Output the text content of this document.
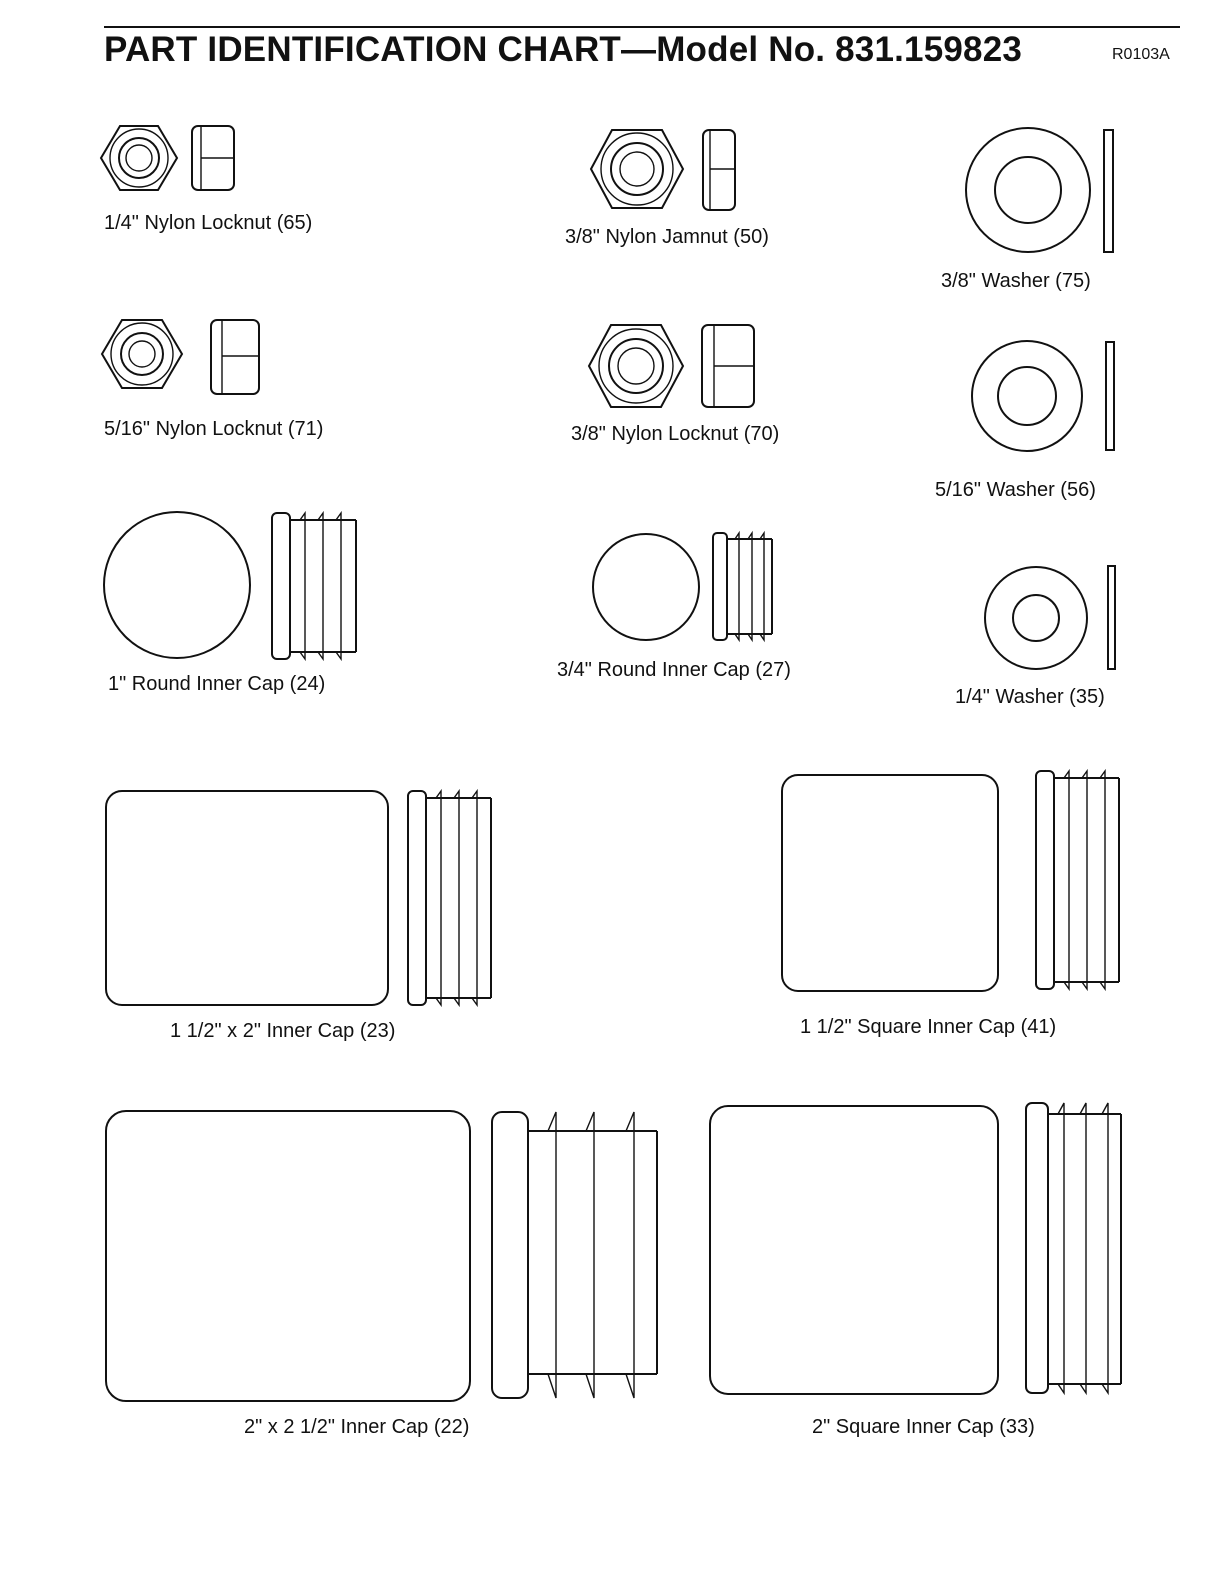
PART IDENTIFICATION CHART—Model No. 831.159823	R0103A
1/4" Nylon Locknut (65)
3/8" Nylon Jamnut (50)
3/8" Washer (75)
5/16" Nylon Locknut (71)	3/8" Nylon Locknut (70)
5/16" Washer (56)
1" Round Inner Cap (24)
3/4" Round Inner Cap (27)
1/4" Washer (35)
1 1/2" x 2" Inner Cap (23)	1 1/2" Square Inner Cap (41)
2" x 2 1/2" Inner Cap (22)	2" Square Inner Cap (33)
